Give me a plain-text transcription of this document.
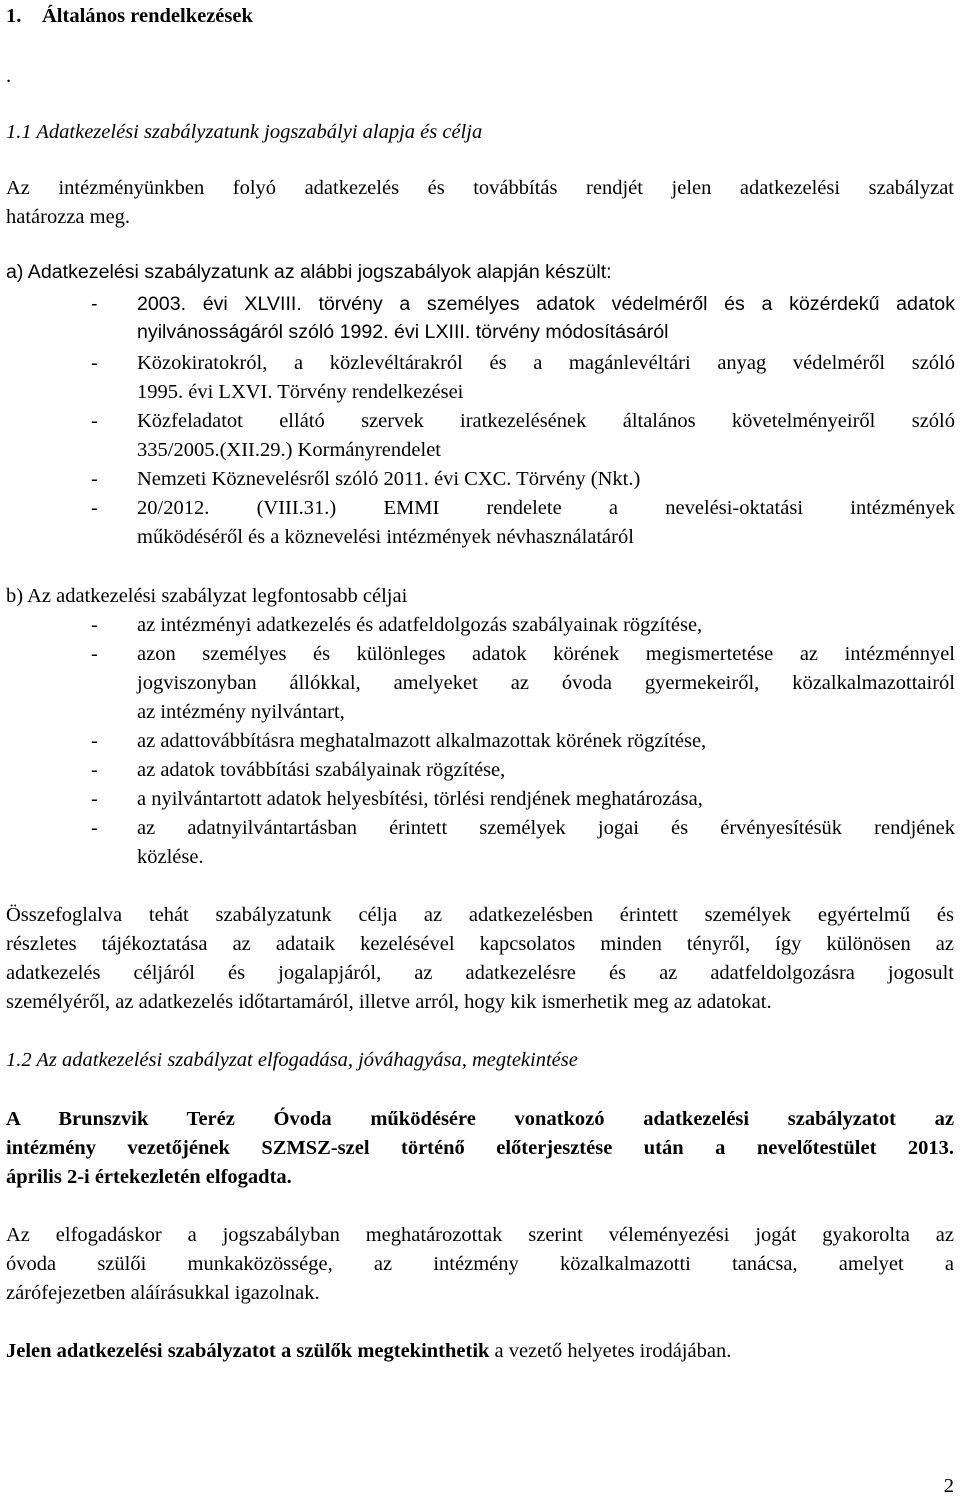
1. Általános rendelkezések
.
1.1 Adatkezelési szabályzatunk jogszabályi alapja és célja
Az intézményünkben folyó adatkezelés és továbbítás rendjét jelen adatkezelési szabályzat
határozza meg.
a) Adatkezelési szabályzatunk az alábbi jogszabályok alapján készült:
- 2003. évi XLVIII. törvény a személyes adatok védelméről és a közérdekű adatok
nyilvánosságáról szóló 1992. évi LXIII. törvény módosításáról
- Közokiratokról, a közlevéltárakról és a magánlevéltári anyag védelméről szóló
1995. évi LXVI. Törvény rendelkezései
- Közfeladatot ellátó szervek iratkezelésének általános követelményeiről szóló
335/2005.(XII.29.) Kormányrendelet
- Nemzeti Köznevelésről szóló 2011. évi CXC. Törvény (Nkt.)
- 20/2012. (VIII.31.) EMMI rendelete a nevelési-oktatási intézmények
működéséről és a köznevelési intézmények névhasználatáról
b) Az adatkezelési szabályzat legfontosabb céljai
- az intézményi adatkezelés és adatfeldolgozás szabályainak rögzítése,
- azon személyes és különleges adatok körének megismertetése az intézménnyel
jogviszonyban állókkal, amelyeket az óvoda gyermekeiről, közalkalmazottairól
az intézmény nyilvántart,
- az adattovábbításra meghatalmazott alkalmazottak körének rögzítése,
- az adatok továbbítási szabályainak rögzítése,
- a nyilvántartott adatok helyesbítési, törlési rendjének meghatározása,
- az adatnyilvántartásban érintett személyek jogai és érvényesítésük rendjének
közlése.
Összefoglalva tehát szabályzatunk célja az adatkezelésben érintett személyek egyértelmű és
részletes tájékoztatása az adataik kezelésével kapcsolatos minden tényről, így különösen az
adatkezelés céljáról és jogalapjáról, az adatkezelésre és az adatfeldolgozásra jogosult
személyéről, az adatkezelés időtartamáról, illetve arról, hogy kik ismerhetik meg az adatokat.
1.2 Az adatkezelési szabályzat elfogadása, jóváhagyása, megtekintése
A Brunszvik Teréz Óvoda működésére vonatkozó adatkezelési szabályzatot az
intézmény vezetőjének SZMSZ-szel történő előterjesztése után a nevelőtestület 2013.
április 2-i értekezletén elfogadta.
Az elfogadáskor a jogszabályban meghatározottak szerint véleményezési jogát gyakorolta az
óvoda szülői munkaközössége, az intézmény közalkalmazotti tanácsa, amelyet a
zárófejezetben aláírásukkal igazolnak.
Jelen adatkezelési szabályzatot a szülők megtekinthetik a vezető helyetes irodájában.
2
